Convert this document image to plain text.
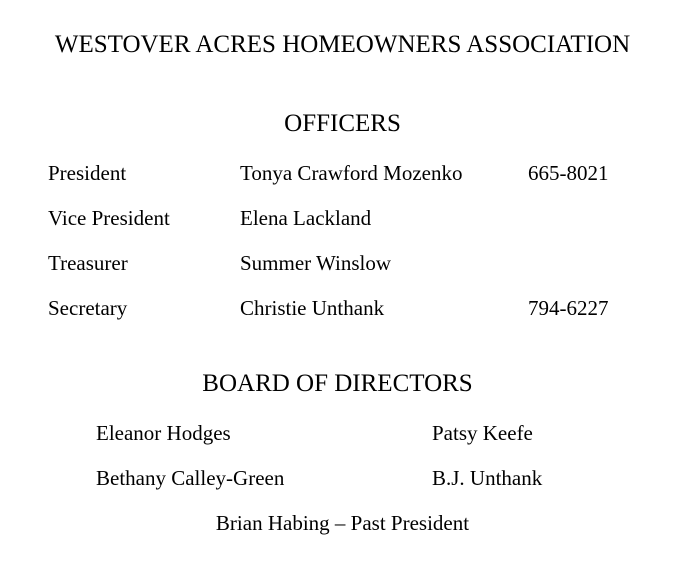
WESTOVER ACRES HOMEOWNERS ASSOCIATION
OFFICERS
President	Tonya Crawford Mozenko	665-8021
Vice President	Elena Lackland
Treasurer	Summer Winslow
Secretary	Christie Unthank	794-6227
BOARD OF DIRECTORS
Eleanor Hodges	Patsy Keefe
Bethany Calley-Green	B.J. Unthank
Brian Habing – Past President
